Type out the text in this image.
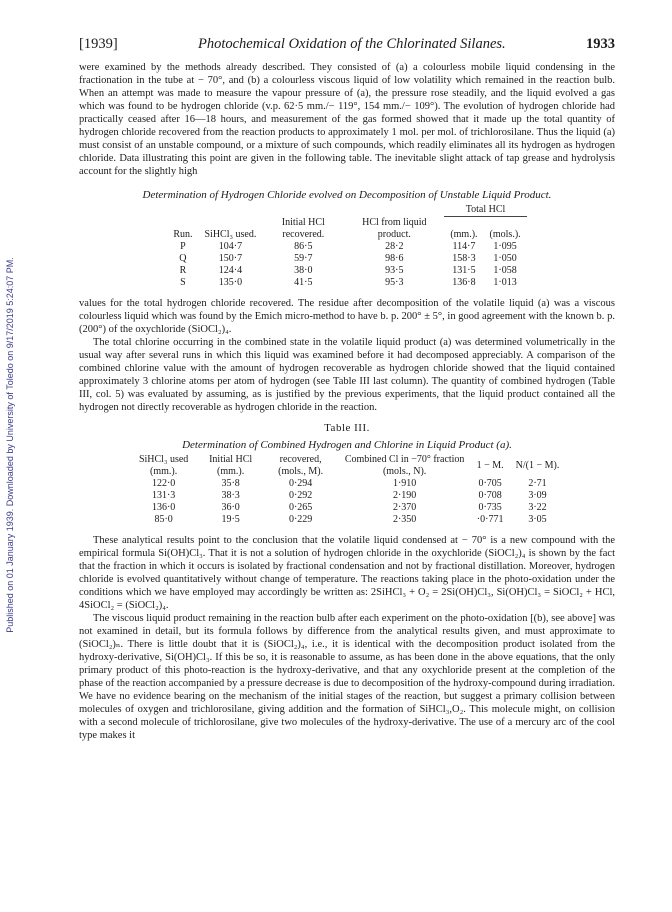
Published on 01 January 1939. Downloaded by University of Toledo on 9/17/2019 5:24:07 PM.
[1939]	Photochemical Oxidation of the Chlorinated Silanes.	1933

were examined by the methods already described. They consisted of (a) a colourless mobile liquid condensing in the fractionation in the tube at − 70°, and (b) a colourless viscous liquid of low volatility which remained in the reaction bulb. When an attempt was made to measure the vapour pressure of (a), the pressure rose steadily, and the liquid evolved a gas which was found to be hydrogen chloride (v.p. 62·5 mm./− 119°, 154 mm./− 109°). The evolution of hydrogen chloride had practically ceased after 16—18 hours, and measurement of the gas formed showed that it made up the total quantity of hydrogen chloride recovered from the reaction products to approximately 1 mol. per mol. of trichlorosilane. Thus the liquid (a) must consist of an unstable compound, or a mixture of such compounds, which readily eliminates all its hydrogen as hydrogen chloride. Data illustrating this point are given in the following table. The inevitable slight attack of tap grease and hydrolysis account for the slightly high

Determination of Hydrogen Chloride evolved on Decomposition of Unstable Liquid Product.
				Total HCl	
Run.	SiHCl₃ used.	Initial HCl recovered.	HCl from liquid product.	(mm.).	(mols.).
P	104·7	86·5	28·2	114·7	1·095
Q	150·7	59·7	98·6	158·3	1·050
R	124·4	38·0	93·5	131·5	1·058
S	135·0	41·5	95·3	136·8	1·013

values for the total hydrogen chloride recovered. The residue after decomposition of the volatile liquid (a) was a viscous colourless liquid which was found by the Emich micro-method to have b. p. 200° ± 5°, in good agreement with the known b. p. (200°) of the oxychloride (SiOCl₂)₄.

The total chlorine occurring in the combined state in the volatile liquid product (a) was determined volumetrically in the usual way after several runs in which this liquid was examined before it had decomposed appreciably. A comparison of the combined chlorine value with the amount of hydrogen recoverable as hydrogen chloride showed that the liquid contained approximately 3 chlorine atoms per atom of hydrogen (see Table III last column). The quantity of combined hydrogen (Table III, col. 5) was evaluated by assuming, as is justified by the previous experiments, that the liquid product contained all the hydrogen not directly recoverable as hydrogen chloride in the reaction.

Table III.
Determination of Combined Hydrogen and Chlorine in Liquid Product (a).
SiHCl₃ used (mm.).	Initial HCl (mm.).	recovered, (mols., M).	Combined Cl in −70° fraction (mols., N).	1 − M.	N/(1 − M).
122·0	35·8	0·294	1·910	0·705	2·71
131·3	38·3	0·292	2·190	0·708	3·09
136·0	36·0	0·265	2·370	0·735	3·22
85·0	19·5	0·229	2·350	·0·771	3·05

These analytical results point to the conclusion that the volatile liquid condensed at − 70° is a new compound with the empirical formula Si(OH)Cl₃. That it is not a solution of hydrogen chloride in the oxychloride (SiOCl₂)₄ is shown by the fact that the fraction in which it occurs is isolated by fractional condensation and not by fractional distillation. Moreover, hydrogen chloride is evolved quantitatively without change of temperature. The reactions taking place in the photo-oxidation under the conditions which we have employed may accordingly be written as: 2SiHCl₃ + O₂ = 2Si(OH)Cl₃, Si(OH)Cl₃ = SiOCl₂ + HCl, 4SiOCl₂ = (SiOCl₂)₄.

The viscous liquid product remaining in the reaction bulb after each experiment on the photo-oxidation [(b), see above] was not examined in detail, but its formula follows by difference from the analytical results given, and must approximate to (SiOCl₂)ₙ. There is little doubt that it is (SiOCl₂)₄, i.e., it is identical with the decomposition product isolated from the hydroxy-derivative, Si(OH)Cl₃. If this be so, it is reasonable to assume, as has been done in the above equations, that the only primary product of this photo-reaction is the hydroxy-derivative, and that any oxychloride present at the completion of the phase of the reaction accompanied by a pressure decrease is due to decomposition of the hydroxy-compound during irradiation. We have no evidence bearing on the mechanism of the initial stages of the reaction, but suggest a primary collision between molecules of oxygen and trichlorosilane, giving addition and the formation of SiHCl₃,O₂. This molecule might, on collision with a second molecule of trichlorosilane, give two molecules of the hydroxy-derivative. The use of a mercury arc of the cool type makes it
